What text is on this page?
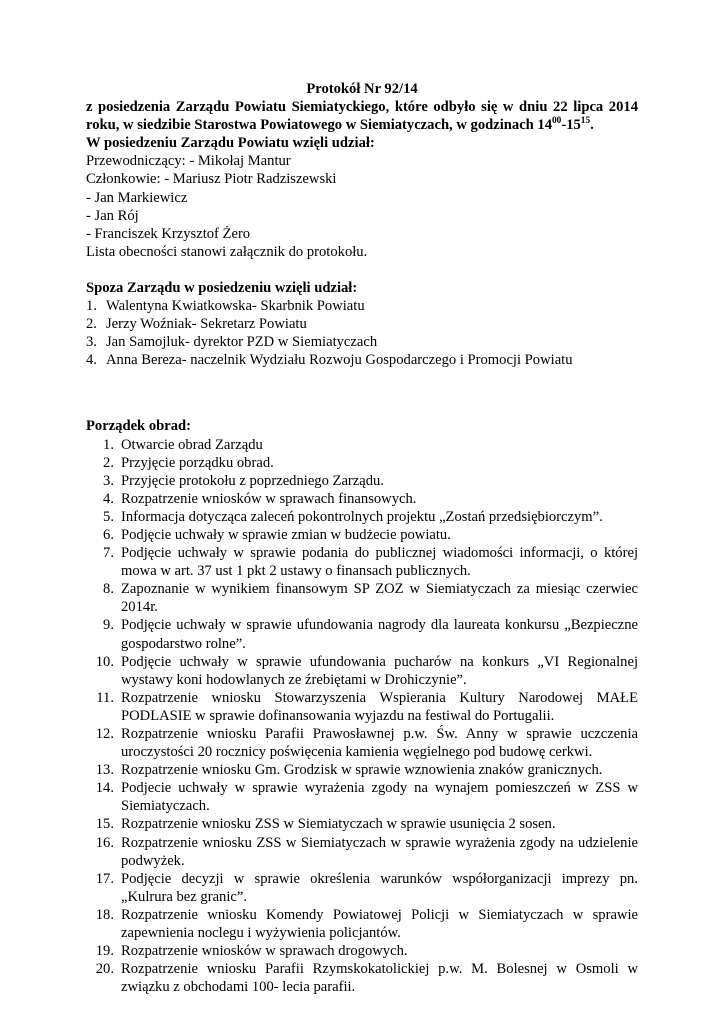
Protokół Nr 92/14

z posiedzenia Zarządu Powiatu Siemiatyckiego, które odbyło się w dniu 22 lipca 2014 roku, w siedzibie Starostwa Powiatowego w Siemiatyczach, w godzinach $14^{00}-15^{15}$.

W posiedzeniu Zarządu Powiatu wzięli udział:
Przewodniczący: - Mikołaj Mantur
Członkowie: - Mariusz Piotr Radziszewski
- Jan Markiewicz
- Jan Rój
- Franciszek Krzysztof Żero
Lista obecności stanowi załącznik do protokołu.
Spoza Zarządu w posiedzeniu wzięli udział:
Walentyna Kwiatkowska- Skarbnik Powiatu
Jerzy Woźniak- Sekretarz Powiatu
Jan Samojluk- dyrektor PZD w Siemiatyczach
Anna Bereza- naczelnik Wydziału Rozwoju Gospodarczego i Promocji Powiatu
Porządek obrad:
Otwarcie obrad Zarządu
Przyjęcie porządku obrad.
Przyjęcie protokołu z poprzedniego Zarządu.
Rozpatrzenie wniosków w sprawach finansowych.
Informacja dotycząca zaleceń pokontrolnych projektu „Zostań przedsiębiorczym”.
Podjęcie uchwały w sprawie zmian w budżecie powiatu.
Podjęcie uchwały w sprawie podania do publicznej wiadomości informacji, o której mowa w art. 37 ust 1 pkt 2 ustawy o finansach publicznych.
Zapoznanie w wynikiem finansowym SP ZOZ w Siemiatyczach za miesiąc czerwiec 2014r.
Podjęcie uchwały w sprawie ufundowania nagrody dla laureata konkursu „Bezpieczne gospodarstwo rolne”.
Podjęcie uchwały w sprawie ufundowania pucharów na konkurs „VI Regionalnej wystawy koni hodowlanych ze źrebiętami w Drohiczynie”.
Rozpatrzenie wniosku Stowarzyszenia Wspierania Kultury Narodowej MAŁE PODLASIE w sprawie dofinansowania wyjazdu na festiwal do Portugalii.
Rozpatrzenie wniosku Parafii Prawosławnej p.w. Św. Anny w sprawie uczczenia uroczystości 20 rocznicy poświęcenia kamienia węgielnego pod budowę cerkwi.
Rozpatrzenie wniosku Gm. Grodzisk w sprawie wznowienia znaków granicznych.
Podjecie uchwały w sprawie wyrażenia zgody na wynajem pomieszczeń w ZSS w Siemiatyczach.
Rozpatrzenie wniosku ZSS w Siemiatyczach w sprawie usunięcia 2 sosen.
Rozpatrzenie wniosku ZSS w Siemiatyczach w sprawie wyrażenia zgody na udzielenie podwyżek.
Podjęcie decyzji w sprawie określenia warunków współorganizacji imprezy pn. „Kulrura bez granic”.
Rozpatrzenie wniosku Komendy Powiatowej Policji w Siemiatyczach w sprawie zapewnienia noclegu i wyżywienia policjantów.
Rozpatrzenie wniosków w sprawach drogowych.
Rozpatrzenie wniosku Parafii Rzymskokatolickiej p.w. M. Bolesnej w Osmoli w związku z obchodami 100- lecia parafii.
